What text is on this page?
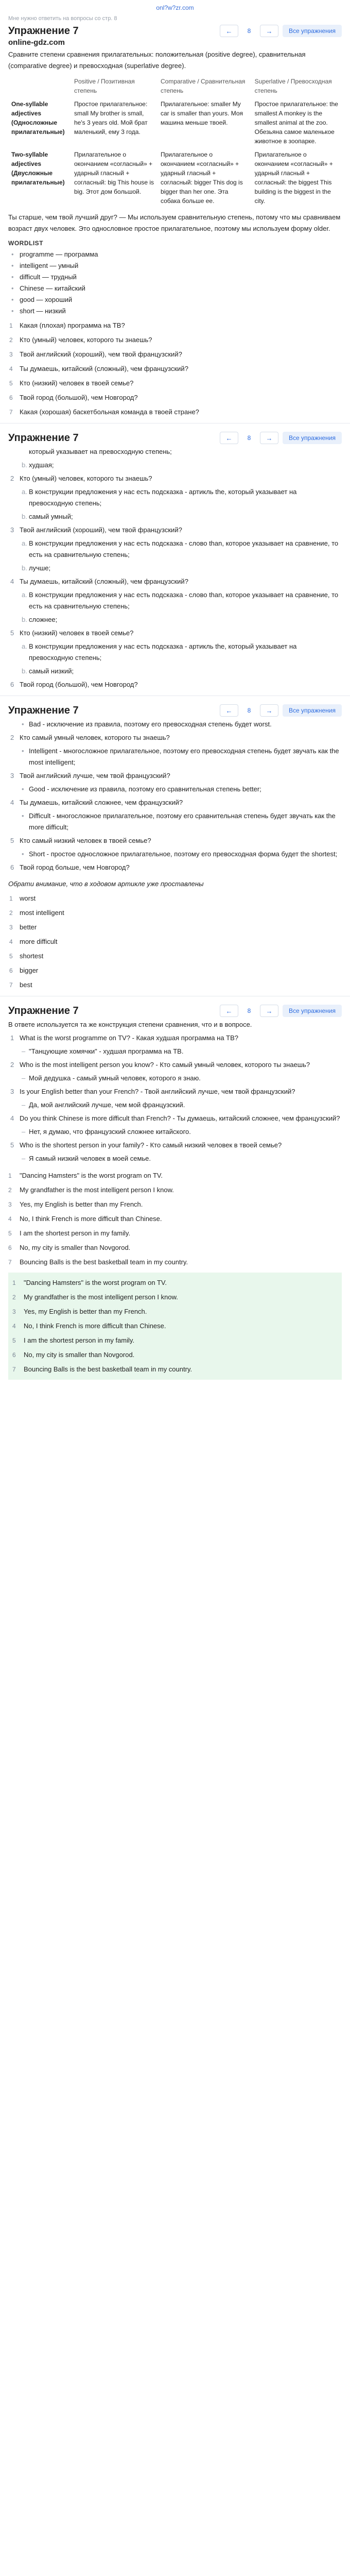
onl?w?zr.com
Мне нужно ответить на вопросы со стр. 8
Упражнение 7	←	8	→	Все упражнения
online-gdz.com
Сравните степени сравнения прилагательных: положительная (positive degree), сравнительная (comparative degree) и превосходная (superlative degree).
	Positive / Позитивная степень	Comparative / Сравнительная степень	Superlative / Превосходная степень
One-syllable adjectives (Односложные прилагательные)	Простое прилагательное: small My brother is small, he's 3 years old. Мой брат маленький, ему 3 года.	Прилагательное: smaller My car is smaller than yours. Моя машина меньше твоей.	Простое прилагательное: the smallest A monkey is the smallest animal at the zoo. Обезьяна самое маленькое животное в зоопарке.
Two-syllable adjectives (Двусложные прилагательные)	Прилагательное о окончанием «согласный» + ударный гласный + согласный: big This house is big. Этот дом большой.	Прилагательное о окончанием «согласный» + ударный гласный + согласный: bigger This dog is bigger than her one. Эта собака больше ее.	Прилагательное о окончанием «согласный» + ударный гласный + согласный: the biggest This building is the biggest in the city.
Ты старше, чем твой лучший друг? — Мы используем сравнительную степень, потому что мы сравниваем возраст двух человек. Это однословное простое прилагательное, поэтому мы используем форму older.
WORDLIST
• programme — программа
• intelligent — умный
• difficult — трудный
• Chinese — китайский
• good — хороший
• short — низкий
1 Какая (плохая) программа на ТВ?
2 Кто (умный) человек, которого ты знаешь?
3 Твой английский (хороший), чем твой французский?
4 Ты думаешь, китайский (сложный), чем французский?
5 Кто (низкий) человек в твоей семье?
6 Твой город (большой), чем Новгород?
7 Какая (хорошая) баскетбольная команда в твоей стране?
Упражнение 7	←	8	→	Все упражнения
который указывает на превосходную степень;
b. худшая;
2 Кто (умный) человек, которого ты знаешь?
a. В конструкции предложения у нас есть подсказка - артикль the, который указывает на превосходную степень;
b. самый умный;
3 Твой английский (хороший), чем твой французский?
a. В конструкции предложения у нас есть подсказка - слово than, которое указывает на сравнение, то есть на сравнительную степень;
b. лучше;
4 Ты думаешь, китайский (сложный), чем французский?
a. В конструкции предложения у нас есть подсказка - слово than, которое указывает на сравнение, то есть на сравнительную степень;
b. сложнее;
5 Кто (низкий) человек в твоей семье?
a. В конструкции предложения у нас есть подсказка - артикль the, который указывает на превосходную степень;
b. самый низкий;
6 Твой город (большой), чем Новгород?
Упражнение 7	←	8	→	Все упражнения
• Bad - исключение из правила, поэтому его превосходная степень будет worst.
2 Кто самый умный человек, которого ты знаешь?
• Intelligent - многосложное прилагательное, поэтому его превосходная степень будет звучать как the most intelligent;
3 Твой английский лучше, чем твой французский?
• Good - исключение из правила, поэтому его сравнительная степень better;
4 Ты думаешь, китайский сложнее, чем французский?
• Difficult - многосложное прилагательное, поэтому его сравнительная степень будет звучать как the more difficult;
5 Кто самый низкий человек в твоей семье?
• Short - простое односложное прилагательное, поэтому его превосходная форма будет the shortest;
6 Твой город больше, чем Новгород?
Обрати внимание, что в ходовом артикле уже проставлены
1 worst
2 most intelligent
3 better
4 more difficult
5 shortest
6 bigger
7 best
Упражнение 7	←	8	→	Все упражнения
В ответе используется та же конструкция степени сравнения, что и в вопросе.
1 What is the worst programme on TV? - Какая худшая программа на ТВ?
– "Танцующие хомячки" - худшая программа на ТВ.
2 Who is the most intelligent person you know? - Кто самый умный человек, которого ты знаешь?
– Мой дедушка - самый умный человек, которого я знаю.
3 Is your English better than your French? - Твой английский лучше, чем твой французский?
– Да, мой английский лучше, чем мой французский.
4 Do you think Chinese is more difficult than French? - Ты думаешь, китайский сложнее, чем французский?
– Нет, я думаю, что французский сложнее китайского.
5 Who is the shortest person in your family? - Кто самый низкий человек в твоей семье?
– Я самый низкий человек в моей семье.
1	"Dancing Hamsters" is the worst program on TV.
2	My grandfather is the most intelligent person I know.
3	Yes, my English is better than my French.
4	No, I think French is more difficult than Chinese.
5	I am the shortest person in my family.
6	No, my city is smaller than Novgorod.
7	Bouncing Balls is the best basketball team in my country.
1	"Dancing Hamsters" is the worst program on TV.
2	My grandfather is the most intelligent person I know.
3	Yes, my English is better than my French.
4	No, I think French is more difficult than Chinese.
5	I am the shortest person in my family.
6	No, my city is smaller than Novgorod.
7	Bouncing Balls is the best basketball team in my country.
